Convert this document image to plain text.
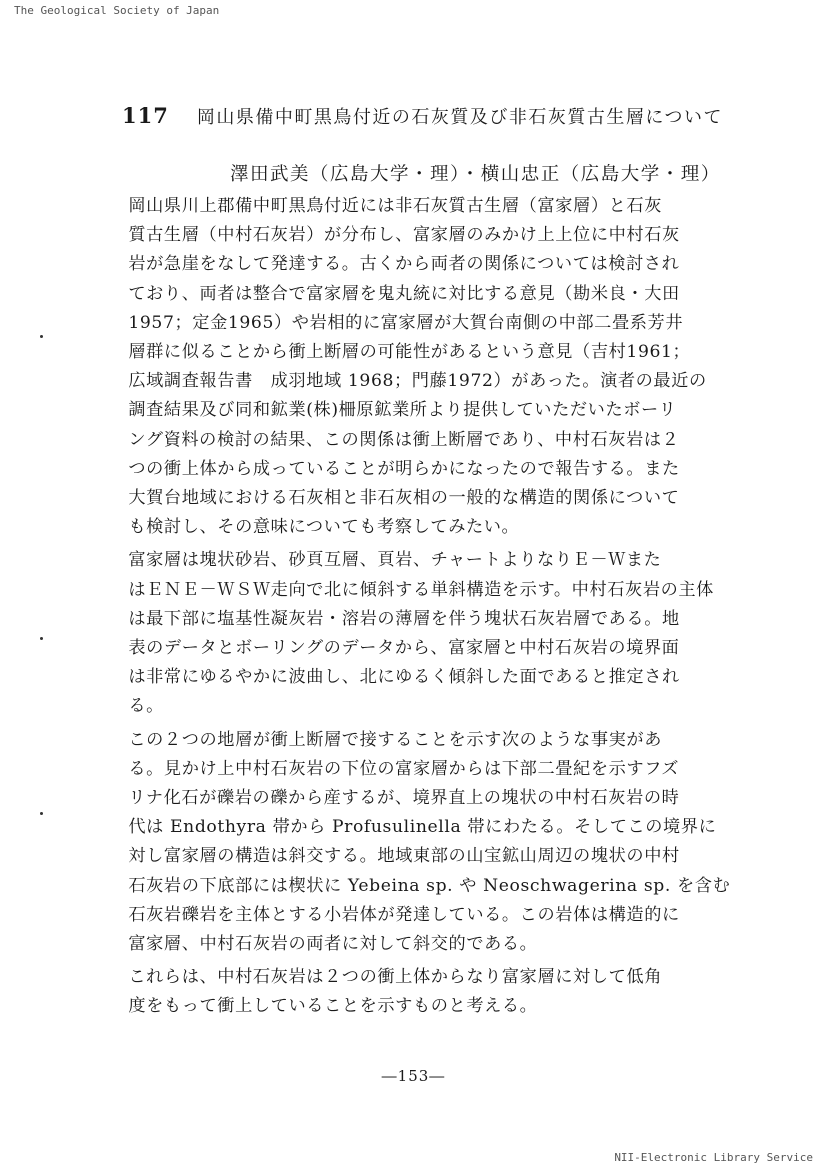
The Geological Society of Japan
117 岡山県備中町黒鳥付近の石灰質及び非石灰質古生層について
澤田武美（広島大学・理）・横山忠正（広島大学・理）

岡山県川上郡備中町黒鳥付近には非石灰質古生層（富家層）と石灰
質古生層（中村石灰岩）が分布し、富家層のみかけ上上位に中村石灰
岩が急崖をなして発達する。古くから両者の関係については検討され
ており、両者は整合で富家層を鬼丸統に対比する意見（勘米良・大田
1957；定金1965）や岩相的に富家層が大賀台南側の中部二畳系芳井
層群に似ることから衝上断層の可能性があるという意見（吉村1961；
広域調査報告書　成羽地域 1968；門藤1972）があった。演者の最近の
調査結果及び同和鉱業(株)柵原鉱業所より提供していただいたボーリ
ング資料の検討の結果、この関係は衝上断層であり、中村石灰岩は２
つの衝上体から成っていることが明らかになったので報告する。また
大賀台地域における石灰相と非石灰相の一般的な構造的関係について
も検討し、その意味についても考察してみたい。

富家層は塊状砂岩、砂頁互層、頁岩、チャートよりなりＥ－Ｗまた
はＥＮＥ－ＷＳＷ走向で北に傾斜する単斜構造を示す。中村石灰岩の主体
は最下部に塩基性凝灰岩・溶岩の薄層を伴う塊状石灰岩層である。地
表のデータとボーリングのデータから、富家層と中村石灰岩の境界面
は非常にゆるやかに波曲し、北にゆるく傾斜した面であると推定され
る。

この２つの地層が衝上断層で接することを示す次のような事実があ
る。見かけ上中村石灰岩の下位の富家層からは下部二畳紀を示すフズ
リナ化石が礫岩の礫から産するが、境界直上の塊状の中村石灰岩の時
代は Endothyra 帯から Profusulinella 帯にわたる。そしてこの境界に
対し富家層の構造は斜交する。地域東部の山宝鉱山周辺の塊状の中村
石灰岩の下底部には楔状に Yebeina sp. や Neoschwagerina sp. を含む
石灰岩礫岩を主体とする小岩体が発達している。この岩体は構造的に
富家層、中村石灰岩の両者に対して斜交的である。

これらは、中村石灰岩は２つの衝上体からなり富家層に対して低角
度をもって衝上していることを示すものと考える。

―153―
NII-Electronic Library Service
